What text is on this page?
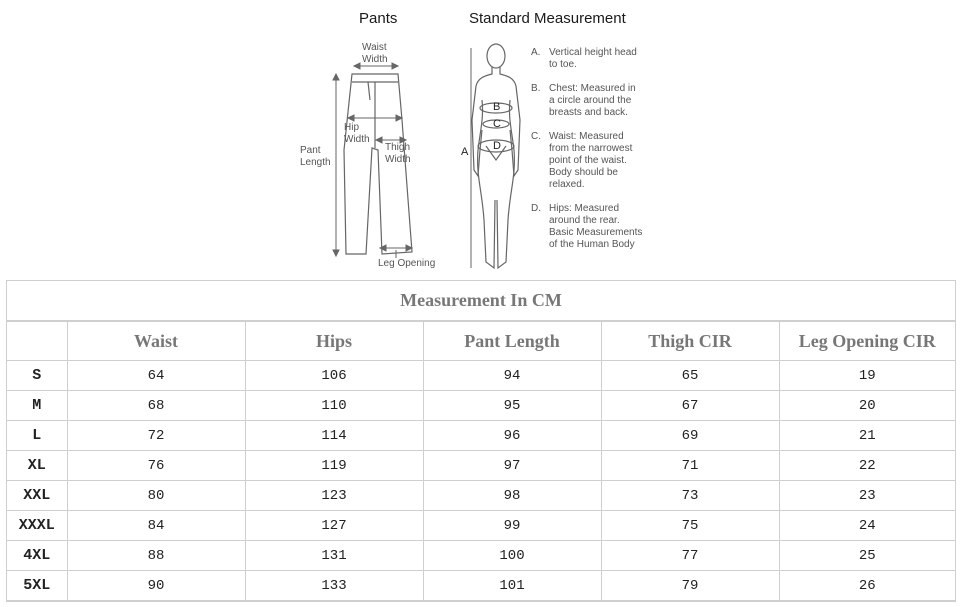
Pants	Standard Measurement
Waist
Width
Hip
Width
Pant
Length
Thigh
Width
Leg Opening
A
B
C
D
A. Vertical height head
to toe.
B. Chest: Measured in
a circle around the
breasts and back.
C. Waist: Measured
from the narrowest
point of the waist.
Body should be
relaxed.
D. Hips: Measured
around the rear.
Basic Measurements
of the Human Body
Measurement In CM
	Waist	Hips	Pant Length	Thigh CIR	Leg Opening CIR
S	64	106	94	65	19
M	68	110	95	67	20
L	72	114	96	69	21
XL	76	119	97	71	22
XXL	80	123	98	73	23
XXXL	84	127	99	75	24
4XL	88	131	100	77	25
5XL	90	133	101	79	26
